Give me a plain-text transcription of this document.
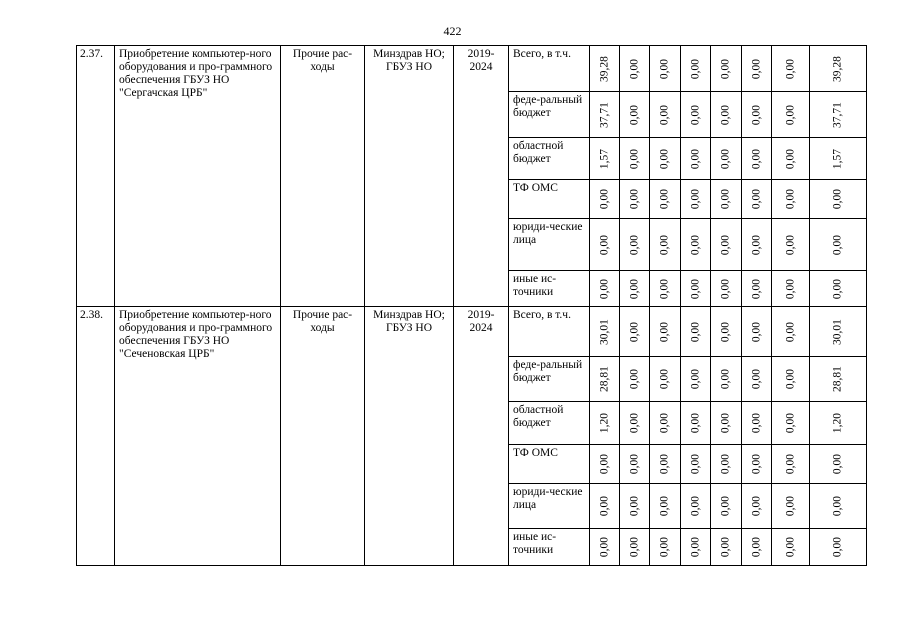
422
2.37.	Приобретение компьютер-ного оборудования и про-граммного обеспечения ГБУЗ НО "Сергачская ЦРБ"	Прочие рас-ходы	Минздрав НО; ГБУЗ НО	2019-2024	Всего, в т.ч.	39,28	0,00	0,00	0,00	0,00	0,00	0,00	39,28

					феде-ральный бюджет	37,71	0,00	0,00	0,00	0,00	0,00	0,00	37,71

					областной бюджет	1,57	0,00	0,00	0,00	0,00	0,00	0,00	1,57

					ТФ ОМС	0,00	0,00	0,00	0,00	0,00	0,00	0,00	0,00

					юриди-ческие лица	0,00	0,00	0,00	0,00	0,00	0,00	0,00	0,00

					иные ис-точники	0,00	0,00	0,00	0,00	0,00	0,00	0,00	0,00

2.38.	Приобретение компьютер-ного оборудования и про-граммного обеспечения ГБУЗ НО "Сеченовская ЦРБ"	Прочие рас-ходы	Минздрав НО; ГБУЗ НО	2019-2024	Всего, в т.ч.	30,01	0,00	0,00	0,00	0,00	0,00	0,00	30,01

					феде-ральный бюджет	28,81	0,00	0,00	0,00	0,00	0,00	0,00	28,81

					областной бюджет	1,20	0,00	0,00	0,00	0,00	0,00	0,00	1,20

					ТФ ОМС	0,00	0,00	0,00	0,00	0,00	0,00	0,00	0,00

					юриди-ческие лица	0,00	0,00	0,00	0,00	0,00	0,00	0,00	0,00

					иные ис-точники	0,00	0,00	0,00	0,00	0,00	0,00	0,00	0,00
